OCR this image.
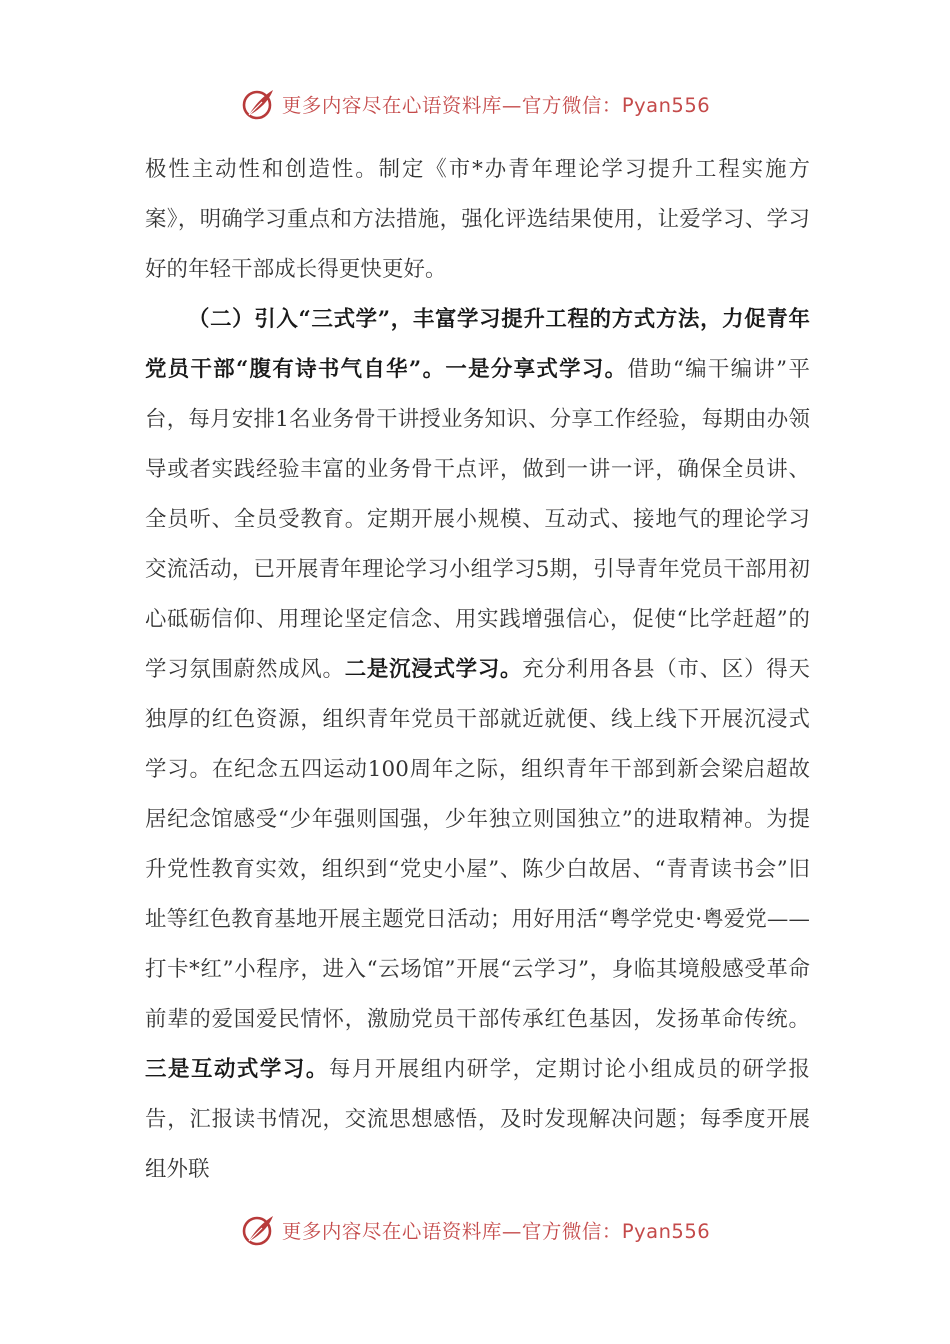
更多内容尽在心语资料库—官方微信：Pyan556

极性主动性和创造性。制定《市*办青年理论学习提升工程实施方案》，明确学习重点和方法措施，强化评选结果使用，让爱学习、学习好的年轻干部成长得更快更好。

（二）引入“三式学”，丰富学习提升工程的方式方法，力促青年党员干部“腹有诗书气自华”。一是分享式学习。借助“编干编讲”平台，每月安排1名业务骨干讲授业务知识、分享工作经验，每期由办领导或者实践经验丰富的业务骨干点评，做到一讲一评，确保全员讲、全员听、全员受教育。定期开展小规模、互动式、接地气的理论学习交流活动，已开展青年理论学习小组学习5期，引导青年党员干部用初心砥砺信仰、用理论坚定信念、用实践增强信心，促使“比学赶超”的学习氛围蔚然成风。二是沉浸式学习。充分利用各县（市、区）得天独厚的红色资源，组织青年党员干部就近就便、线上线下开展沉浸式学习。在纪念五四运动100周年之际，组织青年干部到新会梁启超故居纪念馆感受“少年强则国强，少年独立则国独立”的进取精神。为提升党性教育实效，组织到“党史小屋”、陈少白故居、“青青读书会”旧址等红色教育基地开展主题党日活动；用好用活“粤学党史·粤爱党——打卡*红”小程序，进入“云场馆”开展“云学习”，身临其境般感受革命前辈的爱国爱民情怀，激励党员干部传承红色基因，发扬革命传统。三是互动式学习。每月开展组内研学，定期讨论小组成员的研学报告，汇报读书情况，交流思想感悟，及时发现解决问题；每季度开展组外联

更多内容尽在心语资料库—官方微信：Pyan556
